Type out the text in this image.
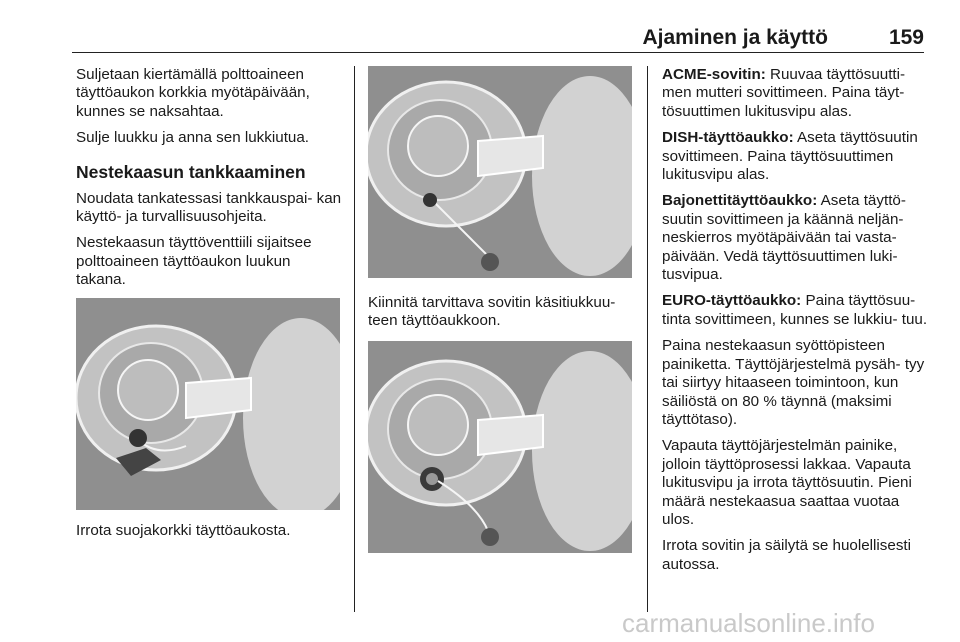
Ajaminen ja käyttö	159

Suljetaan kiertämällä polttoaineen täyttöaukon korkkia myötäpäivään, kunnes se naksahtaa.

Sulje luukku ja anna sen lukkiutua.

Nestekaasun tankkaaminen

Noudata tankatessasi tankkauspai- kan käyttö- ja turvallisuusohjeita.

Nestekaasun täyttöventtiili sijaitsee polttoaineen täyttöaukon luukun takana.

Irrota suojakorkki täyttöaukosta.

Kiinnitä tarvittava sovitin käsitiukkuu- teen täyttöaukkoon.

ACME-sovitin: Ruuvaa täyttösuutti- men mutteri sovittimeen. Paina täyt- tösuuttimen lukitusvipu alas.

DISH-täyttöaukko: Aseta täyttösuutin sovittimeen. Paina täyttösuuttimen lukitusvipu alas.

Bajonettitäyttöaukko: Aseta täyttö- suutin sovittimeen ja käännä neljän- neskierros myötäpäivään tai vasta- päivään. Vedä täyttösuuttimen luki- tusvipua.

EURO-täyttöaukko: Paina täyttösuu- tinta sovittimeen, kunnes se lukkiu- tuu.

Paina nestekaasun syöttöpisteen painiketta. Täyttöjärjestelmä pysäh- tyy tai siirtyy hitaaseen toimintoon, kun säiliöstä on 80 % täynnä (maksimi täyttötaso).

Vapauta täyttöjärjestelmän painike, jolloin täyttöprosessi lakkaa. Vapauta lukitusvipu ja irrota täyttösuutin. Pieni määrä nestekaasua saattaa vuotaa ulos.

Irrota sovitin ja säilytä se huolellisesti autossa.

carmanualsonline.info
